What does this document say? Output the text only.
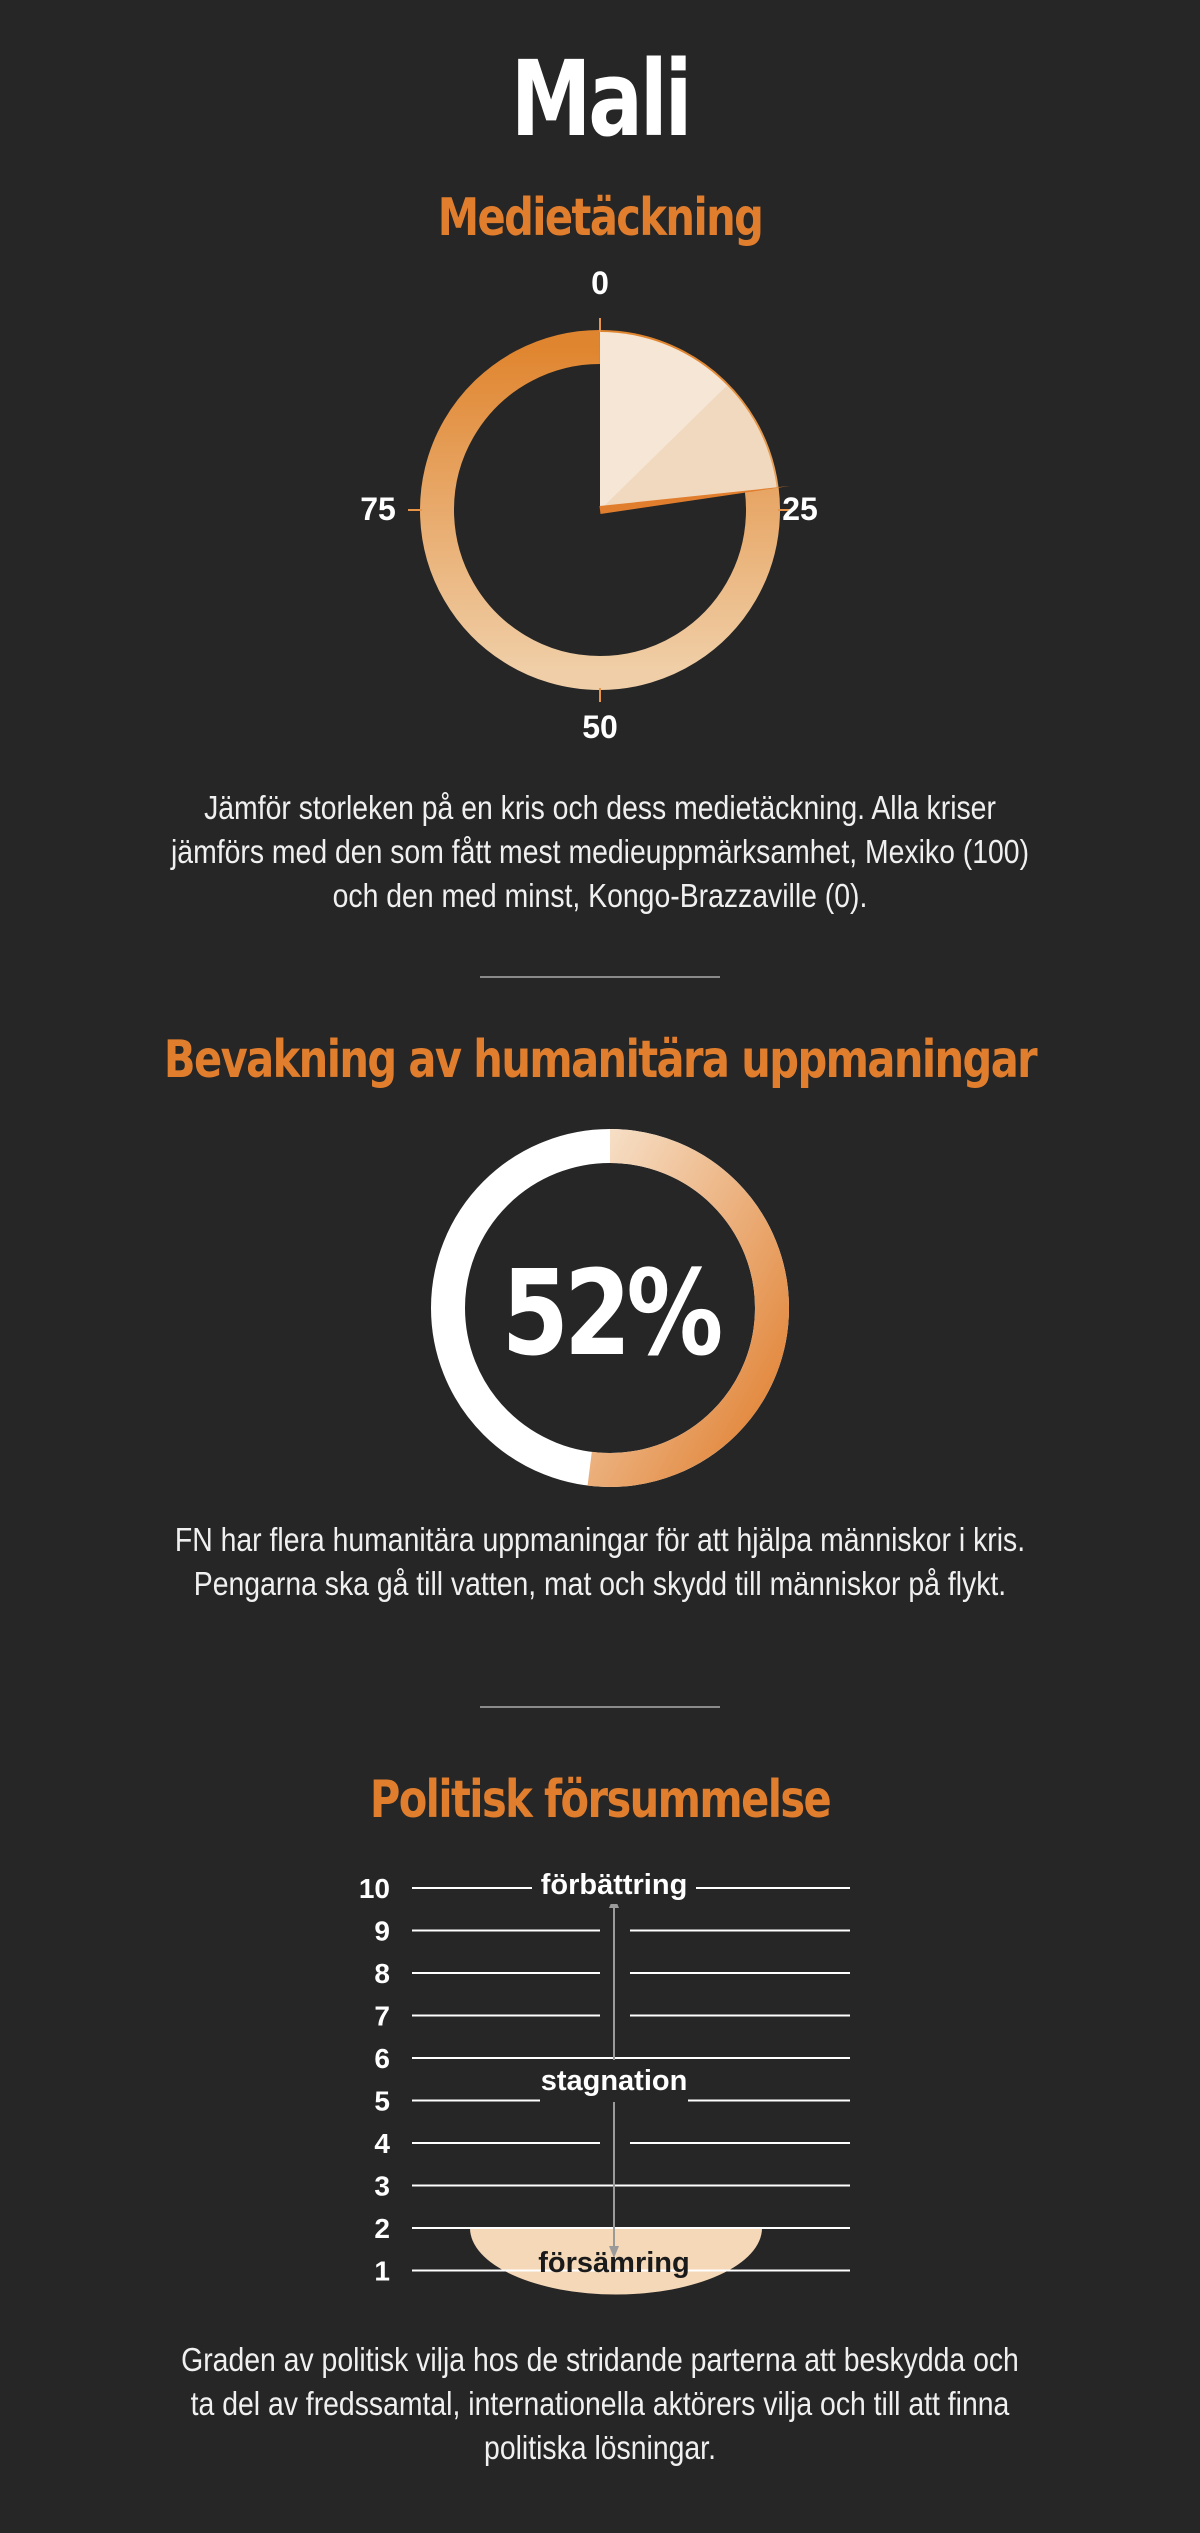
Mali
Medietäckning
0
25
50
75
Jämför storleken på en kris och dess medietäckning. Alla kriser jämförs med den som fått mest medieuppmärksamhet, Mexiko (100) och den med minst, Kongo-Brazzaville (0).
Bevakning av humanitära uppmaningar
52%
FN har flera humanitära uppmaningar för att hjälpa människor i kris. Pengarna ska gå till vatten, mat och skydd till människor på flykt.
Politisk försummelse
10
9
8
7
6
5
4
3
2
1
förbättring
stagnation
försämring
Graden av politisk vilja hos de stridande parterna att beskydda och ta del av fredssamtal, internationella aktörers vilja och till att finna politiska lösningar.
